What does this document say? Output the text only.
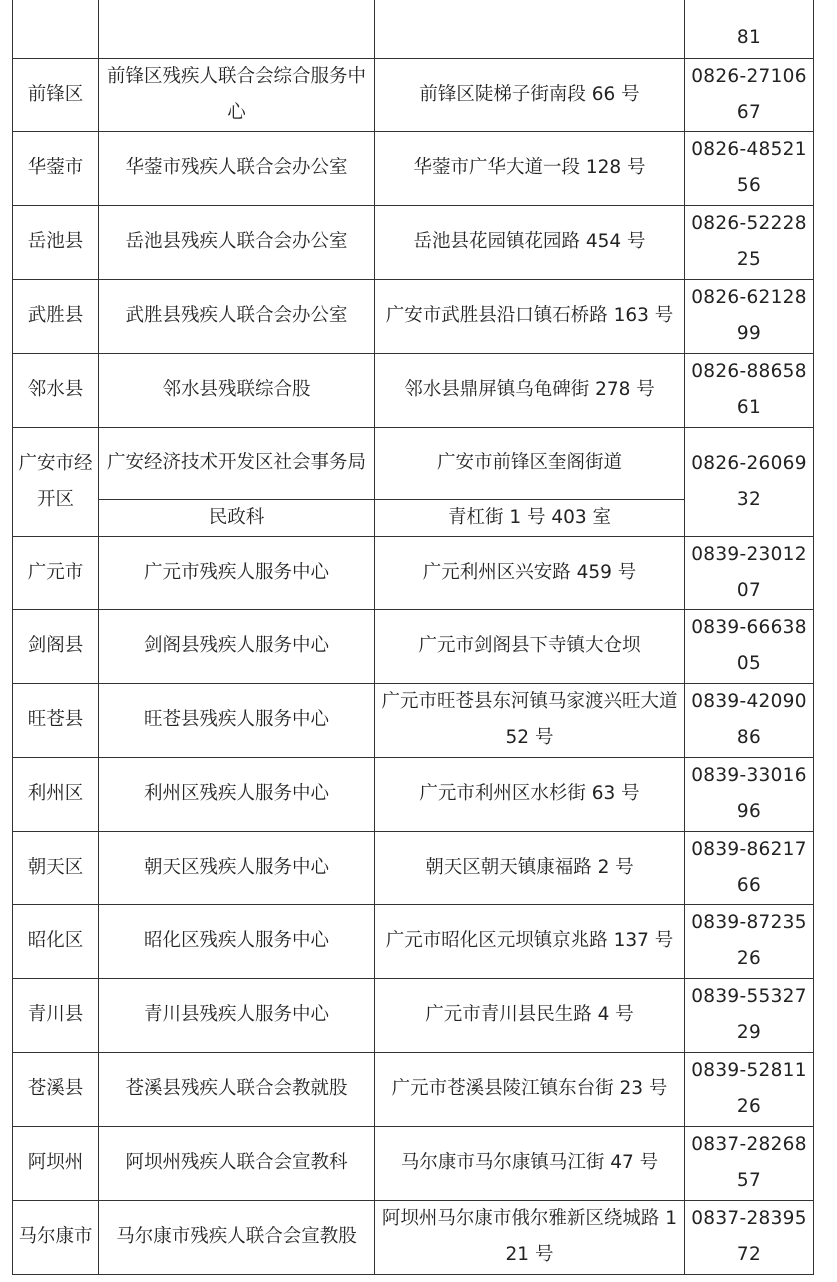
			81

前锋区	前锋区残疾人联合会综合服务中心	前锋区陡梯子街南段 66 号	0826-27106
67

华蓥市	华蓥市残疾人联合会办公室	华蓥市广华大道一段 128 号	0826-48521
56

岳池县	岳池县残疾人联合会办公室	岳池县花园镇花园路 454 号	0826-52228
25

武胜县	武胜县残疾人联合会办公室	广安市武胜县沿口镇石桥路 163 号	0826-62128
99

邻水县	邻水县残联综合股	邻水县鼎屏镇乌龟碑街 278 号	0826-88658
61

广安市经开区	广安经济技术开发区社会事务局	广安市前锋区奎阁街道	0826-26069
32

	民政科	青杠街 1 号 403 室	
广元市	广元市残疾人服务中心	广元利州区兴安路 459 号	0839-23012
07

剑阁县	剑阁县残疾人服务中心	广元市剑阁县下寺镇大仓坝	0839-66638
05

旺苍县	旺苍县残疾人服务中心	广元市旺苍县东河镇马家渡兴旺大道 52 号	0839-42090
86

利州区	利州区残疾人服务中心	广元市利州区水杉街 63 号	0839-33016
96

朝天区	朝天区残疾人服务中心	朝天区朝天镇康福路 2 号	0839-86217
66

昭化区	昭化区残疾人服务中心	广元市昭化区元坝镇京兆路 137 号	0839-87235
26

青川县	青川县残疾人服务中心	广元市青川县民生路 4 号	0839-55327
29

苍溪县	苍溪县残疾人联合会教就股	广元市苍溪县陵江镇东台街 23 号	0839-52811
26

阿坝州	阿坝州残疾人联合会宣教科	马尔康市马尔康镇马江街 47 号	0837-28268
57

马尔康市	马尔康市残疾人联合会宣教股	阿坝州马尔康市俄尔雅新区绕城路 121 号	0837-28395
72
